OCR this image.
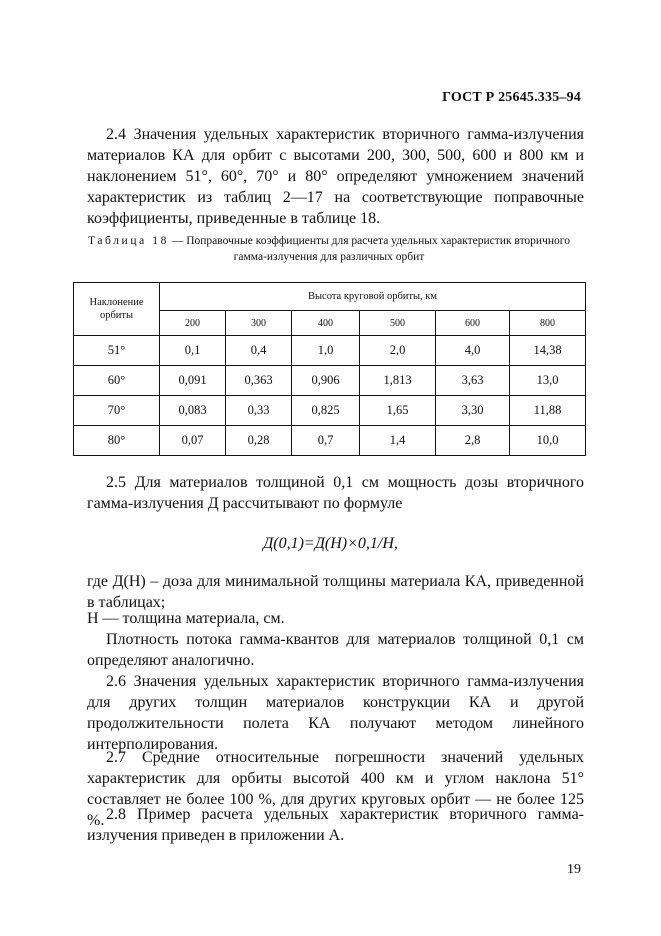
ГОСТ Р 25645.335–94

2.4 Значения удельных характеристик вторичного гамма-излучения материалов КА для орбит с высотами 200, 300, 500, 600 и 800 км и наклонением 51°, 60°, 70° и 80° определяют умножением значений характеристик из таблиц 2—17 на соответствующие поправочные коэффициенты, приведенные в таблице 18.

Таблица 18 — Поправочные коэффициенты для расчета удельных характеристик вторичного гамма-излучения для различных орбит
Наклонение орбиты	Высота круговой орбиты, км					
	200	300	400	500	600	800
51°	0,1	0,4	1,0	2,0	4,0	14,38
60°	0,091	0,363	0,906	1,813	3,63	13,0
70°	0,083	0,33	0,825	1,65	3,30	11,88
80°	0,07	0,28	0,7	1,4	2,8	10,0

2.5 Для материалов толщиной 0,1 см мощность дозы вторичного гамма-излучения Д рассчитывают по формуле

Д(0,1)=Д(Н)×0,1/Н,

где Д(Н) – доза для минимальной толщины материала КА, приведенной в таблицах;

Н — толщина материала, см.

Плотность потока гамма-квантов для материалов толщиной 0,1 см определяют аналогично.

2.6 Значения удельных характеристик вторичного гамма-излучения для других толщин материалов конструкции КА и другой продолжительности полета КА получают методом линейного интерполирования.

2.7 Средние относительные погрешности значений удельных характеристик для орбиты высотой 400 км и углом наклона 51° составляет не более 100 %, для других круговых орбит — не более 125 %. 2.8 Пример расчета удельных характеристик вторичного гамма-излучения приведен в приложении А.

19
